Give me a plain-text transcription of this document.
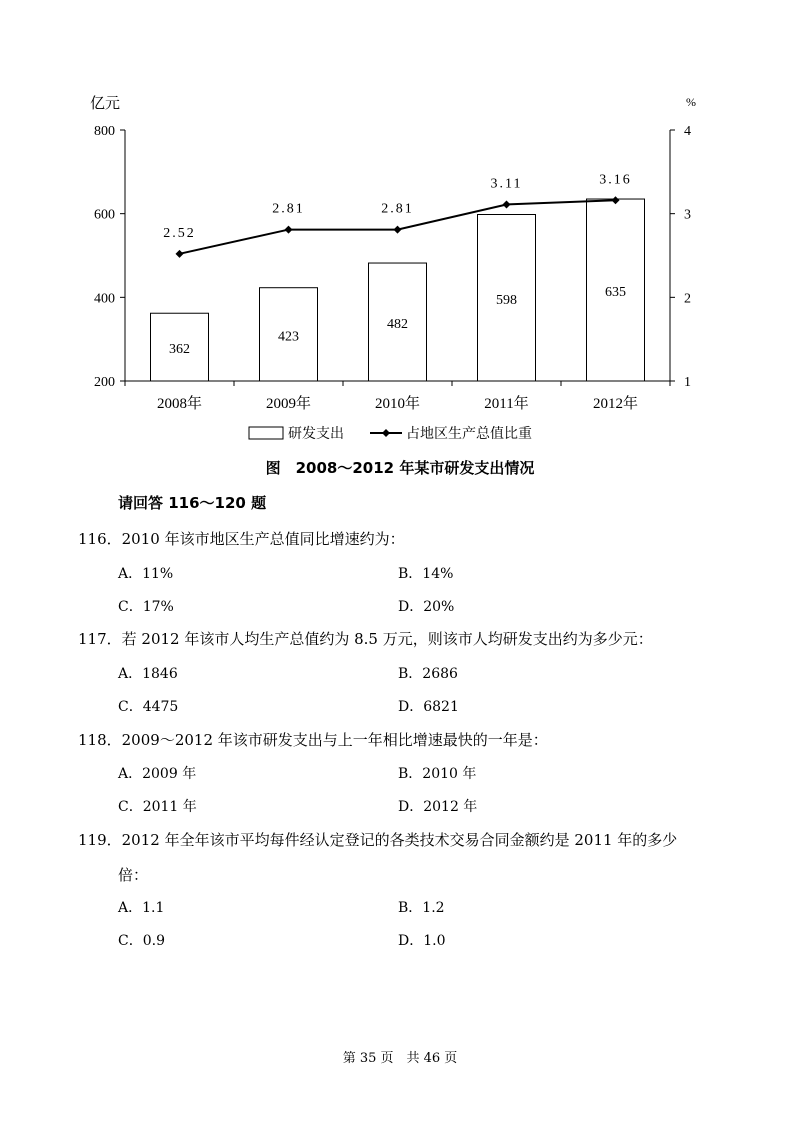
200
400
600
800
1
2
3
4
亿元	%
362
423
482
598
635
2.52
2.81	2.81
3.11	3.16
2008年	2009年	2010年	2011年	2012年
研发支出	占地区生产总值比重
图　2008～2012 年某市研发支出情况
请回答 116～120 题
116．2010 年该市地区生产总值同比增速约为：
A．11%	B．14%
C．17%	D．20%
117．若 2012 年该市人均生产总值约为 8.5 万元，则该市人均研发支出约为多少元：
A．1846	B．2686
C．4475	D．6821
118．2009～2012 年该市研发支出与上一年相比增速最快的一年是：
A．2009 年	B．2010 年
C．2011 年	D．2012 年
119．2012 年全年该市平均每件经认定登记的各类技术交易合同金额约是 2011 年的多少
倍：
A．1.1	B．1.2
C．0.9	D．1.0
第 35 页　共 46 页
